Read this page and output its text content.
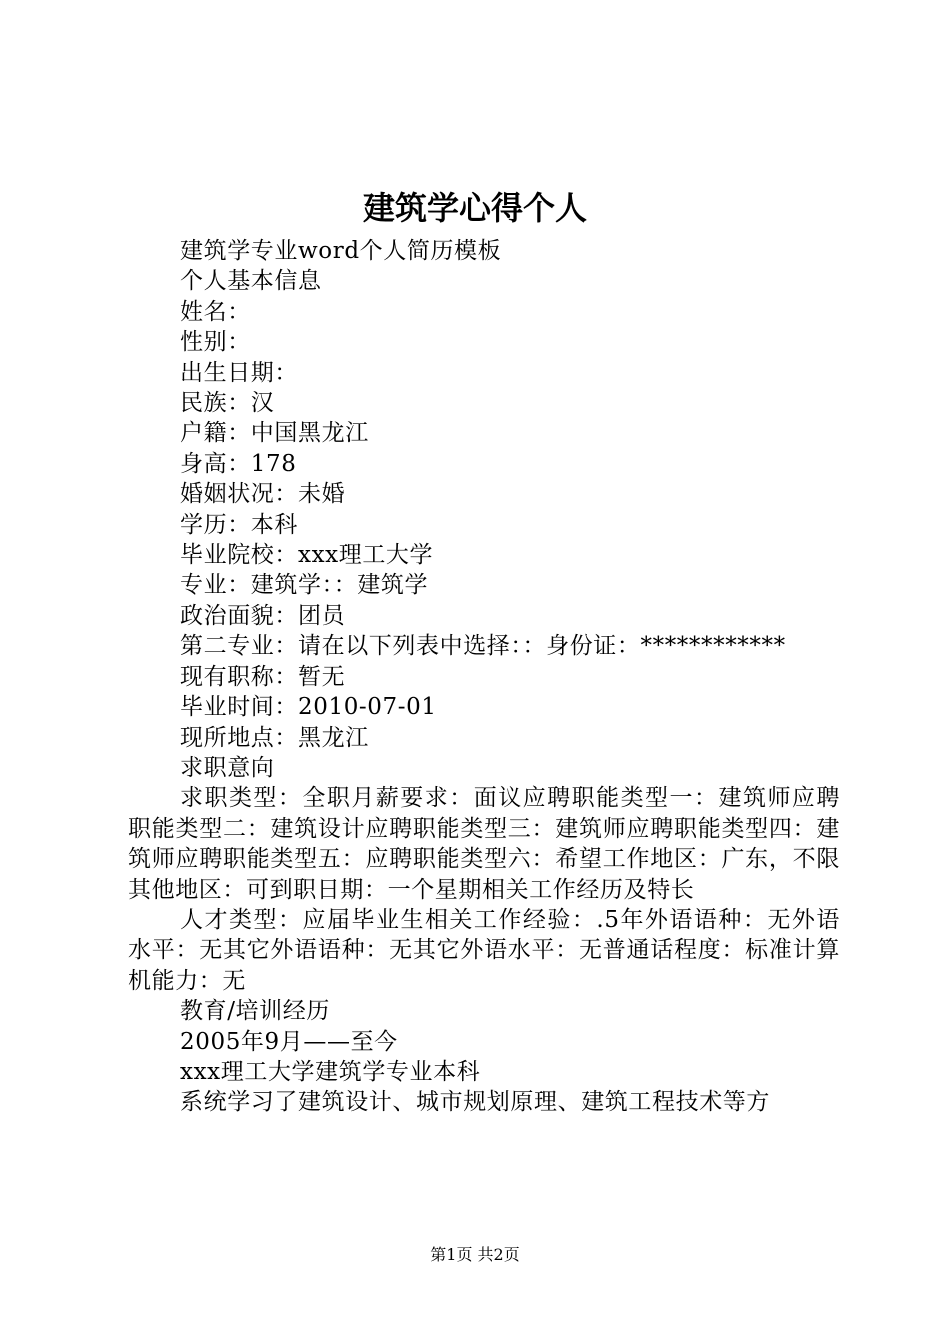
建筑学心得个人

建筑学专业word个人简历模板

个人基本信息

姓名：

性别：

出生日期：

民族：汉

户籍：中国黑龙江

身高：178

婚姻状况：未婚

学历：本科

毕业院校：xxx理工大学

专业：建筑学：：建筑学

政治面貌：团员

第二专业：请在以下列表中选择：：身份证：************

现有职称：暂无

毕业时间：2010-07-01

现所地点：黑龙江

求职意向

求职类型：全职月薪要求：面议应聘职能类型一：建筑师应聘职能类型二：建筑设计应聘职能类型三：建筑师应聘职能类型四：建筑师应聘职能类型五：应聘职能类型六：希望工作地区：广东，不限其他地区：可到职日期：一个星期相关工作经历及特长

人才类型：应届毕业生相关工作经验：.5年外语语种：无外语水平：无其它外语语种：无其它外语水平：无普通话程度：标准计算机能力：无

教育/培训经历

2005年9月——至今

xxx理工大学建筑学专业本科

系统学习了建筑设计、城市规划原理、建筑工程技术等方

第1页 共2页
